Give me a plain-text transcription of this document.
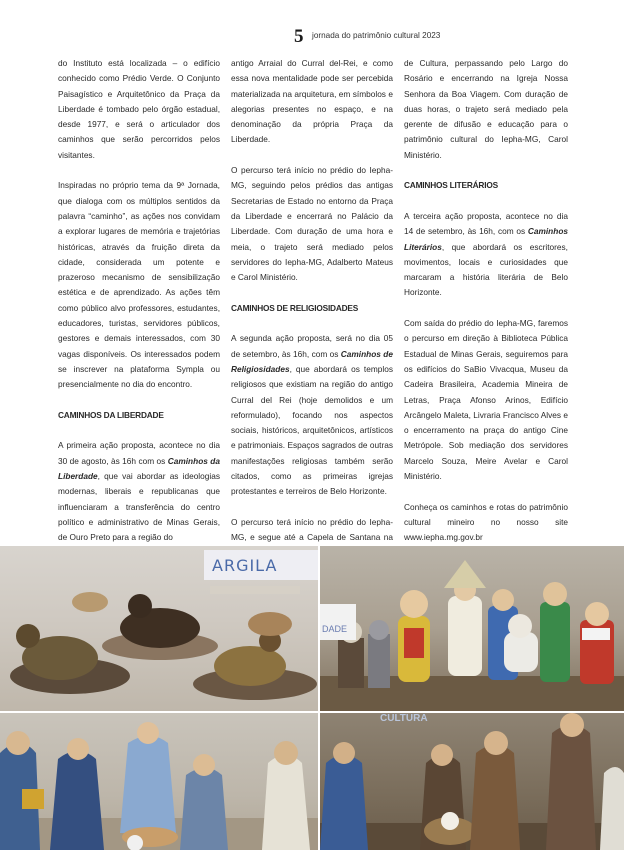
5 jornada do patrimônio cultural 2023

do Instituto está localizada – o edifício conhecido como Prédio Verde. O Conjunto Paisagístico e Arquitetônico da Praça da Liberdade é tombado pelo órgão estadual, desde 1977, e será o articulador dos caminhos que serão percorridos pelos visitantes.

Inspiradas no próprio tema da 9ª Jornada, que dialoga com os múltiplos sentidos da palavra “caminho”, as ações nos convidam a explorar lugares de memória e trajetórias históricas, através da fruição direta da cidade, considerada um potente e prazeroso mecanismo de sensibilização estética e de aprendizado. As ações têm como público alvo professores, estudantes, educadores, turistas, servidores públicos, gestores e demais interessados, com 30 vagas disponíveis. Os interessados podem se inscrever na plataforma Sympla ou presencialmente no dia do encontro.

CAMINHOS DA LIBERDADE

A primeira ação proposta, acontece no dia 30 de agosto, às 16h com os Caminhos da Liberdade, que vai abordar as ideologias modernas, liberais e republicanas que influenciaram a transferência do centro político e administrativo de Minas Gerais, de Ouro Preto para a região do

antigo Arraial do Curral del-Rei, e como essa nova mentalidade pode ser percebida materializada na arquitetura, em símbolos e alegorias presentes no espaço, e na denominação da própria Praça da Liberdade.

O percurso terá início no prédio do Iepha-MG, seguindo pelos prédios das antigas Secretarias de Estado no entorno da Praça da Liberdade e encerrará no Palácio da Liberdade. Com duração de uma hora e meia, o trajeto será mediado pelos servidores do Iepha-MG, Adalberto Mateus e Carol Ministério.

CAMINHOS DE RELIGIOSIDADES

A segunda ação proposta, será no dia 05 de setembro, às 16h, com os Caminhos de Religiosidades, que abordará os templos religiosos que existiam na região do antigo Curral del Rei (hoje demolidos e um reformulado), focando nos aspectos sociais, históricos, arquitetônicos, artísticos e patrimoniais. Espaços sagrados de outras manifestações religiosas também serão citados, como as primeiras igrejas protestantes e terreiros de Belo Horizonte.

O percurso terá início no prédio do Iepha-MG, e segue até a Capela de Santana na

de Cultura, perpassando pelo Largo do Rosário e encerrando na Igreja Nossa Senhora da Boa Viagem. Com duração de duas horas, o trajeto será mediado pela gerente de difusão e educação para o patrimônio cultural do Iepha-MG, Carol Ministério.

CAMINHOS LITERÁRIOS

A terceira ação proposta, acontece no dia 14 de setembro, às 16h, com os Caminhos Literários, que abordará os escritores, movimentos, locais e curiosidades que marcaram a história literária de Belo Horizonte.

Com saída do prédio do Iepha-MG, faremos o percurso em direção à Biblioteca Pública Estadual de Minas Gerais, seguiremos para os edifícios do SaBio Vivacqua, Museu da Cadeira Brasileira, Academia Mineira de Letras, Praça Afonso Arinos, Edifício Arcângelo Maleta, Livraria Francisco Alves e o encerramento na praça do antigo Cine Metrópole. Sob mediação dos servidores Marcelo Souza, Meire Avelar e Carol Ministério.

Conheça os caminhos e rotas do patrimônio cultural mineiro no nosso site www.iepha.mg.gov.br

ARGILA
DADE
CULTURA
